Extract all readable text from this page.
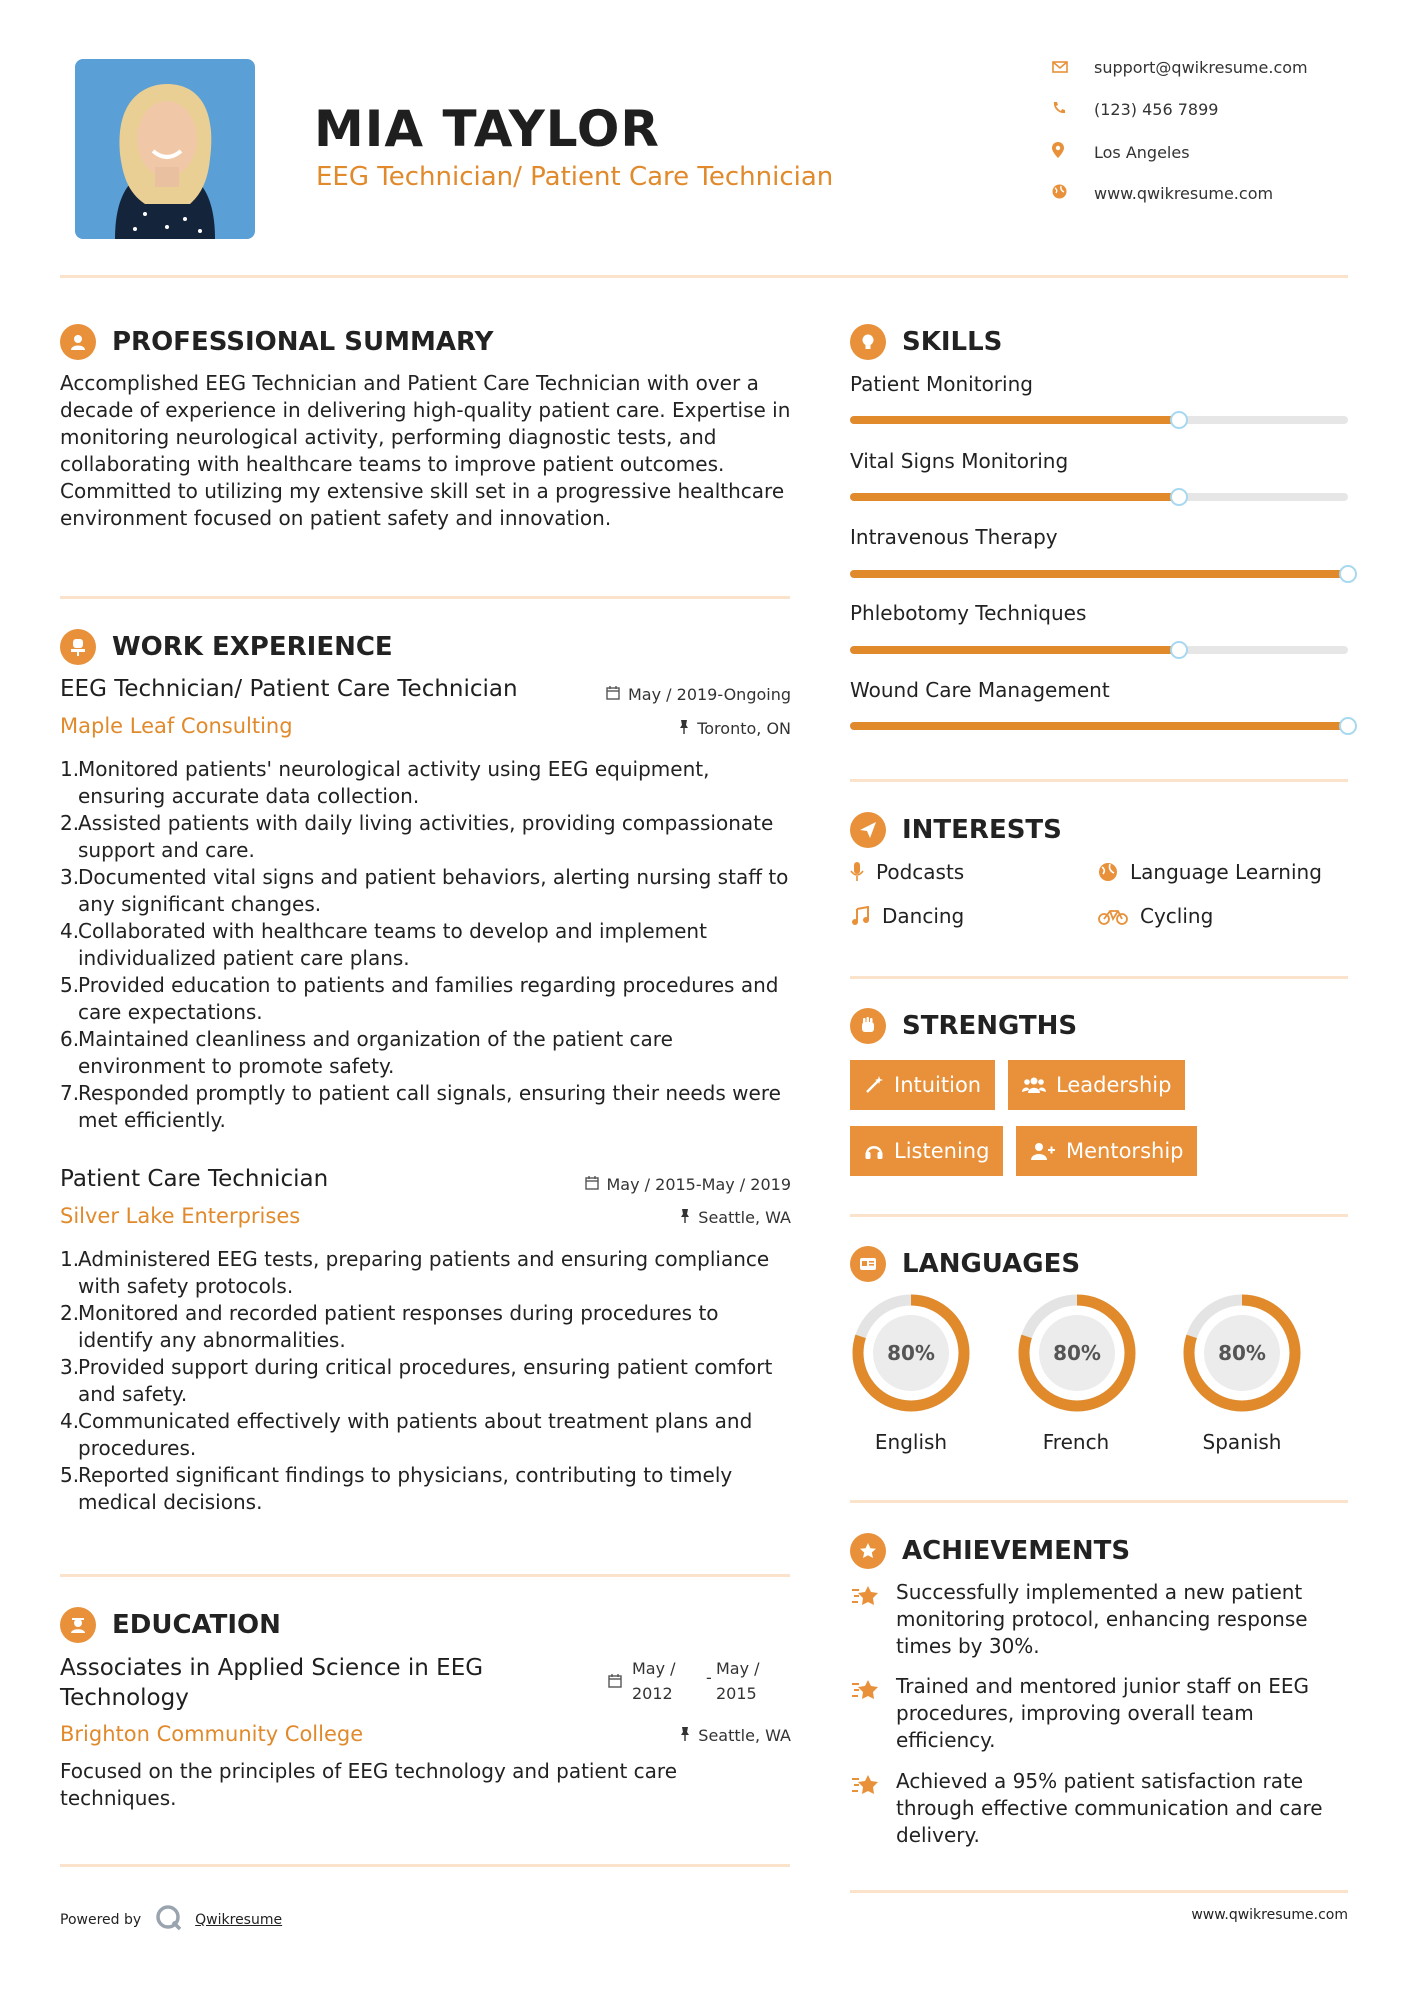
MIA TAYLOR
EEG Technician/ Patient Care Technician
support@qwikresume.com
(123) 456 7899
Los Angeles
www.qwikresume.com
PROFESSIONAL SUMMARY
Accomplished EEG Technician and Patient Care Technician with over a decade of experience in delivering high-quality patient care. Expertise in monitoring neurological activity, performing diagnostic tests, and collaborating with healthcare teams to improve patient outcomes. Committed to utilizing my extensive skill set in a progressive healthcare environment focused on patient safety and innovation.
WORK EXPERIENCE
EEG Technician/ Patient Care Technician	May / 2019-Ongoing
Maple Leaf Consulting	Toronto, ON
Monitored patients' neurological activity using EEG equipment, ensuring accurate data collection.
Assisted patients with daily living activities, providing compassionate support and care.
Documented vital signs and patient behaviors, alerting nursing staff to any significant changes.
Collaborated with healthcare teams to develop and implement individualized patient care plans.
Provided education to patients and families regarding procedures and care expectations.
Maintained cleanliness and organization of the patient care environment to promote safety.
Responded promptly to patient call signals, ensuring their needs were met efficiently.
Patient Care Technician	May / 2015-May / 2019
Silver Lake Enterprises	Seattle, WA
Administered EEG tests, preparing patients and ensuring compliance with safety protocols.
Monitored and recorded patient responses during procedures to identify any abnormalities.
Provided support during critical procedures, ensuring patient comfort and safety.
Communicated effectively with patients about treatment plans and procedures.
Reported significant findings to physicians, contributing to timely medical decisions.
EDUCATION
Associates in Applied Science in EEG
Technology
May /
2012
- May /
2015
Brighton Community College	Seattle, WA
Focused on the principles of EEG technology and patient care techniques.
SKILLS
Patient Monitoring
Vital Signs Monitoring
Intravenous Therapy
Phlebotomy Techniques
Wound Care Management
INTERESTS
Podcasts	Language Learning
Dancing	Cycling
STRENGTHS
Intuition	Leadership
Listening	Mentorship
LANGUAGES
80%	80%	80%
English	French	Spanish
ACHIEVEMENTS
Successfully implemented a new patient monitoring protocol, enhancing response times by 30%.
Trained and mentored junior staff on EEG procedures, improving overall team efficiency.
Achieved a 95% patient satisfaction rate through effective communication and care delivery.
Powered by	Qwikresume	www.qwikresume.com
